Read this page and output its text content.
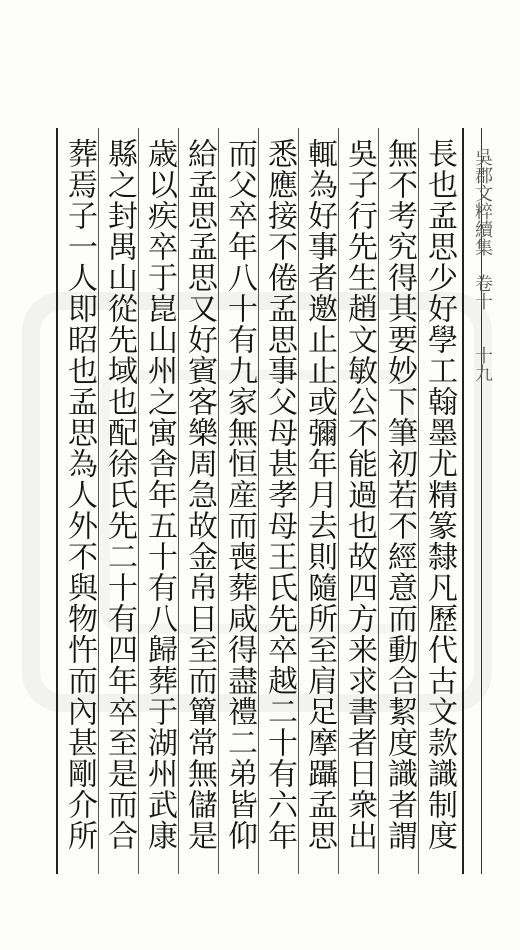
長也孟思少好學工翰墨尤精篆隸凡歷代古文款識制度
無不考究得其要妙下筆初若不經意而動合絜度識者謂
吳子行先生趙文敏公不能過也故四方来求書者日衆出
輒為好事者邀止止或彌年月去則隨所至肩足摩躡孟思
悉應接不倦孟思事父母甚孝母王氏先卒越二十有六年
而父卒年八十有九家無恒産而喪葬咸得盡禮二弟皆仰
給孟思孟思又好賓客樂周急故金帛日至而簞常無儲是
歳以疾卒于崑山州之寓舎年五十有八歸葬于湖州武康
縣之封禺山從先域也配徐氏先二十有四年卒至是而合
葬焉子一人即昭也孟思為人外不與物忤而內甚剛介所	吳郡文粹續集　卷十　　十九
